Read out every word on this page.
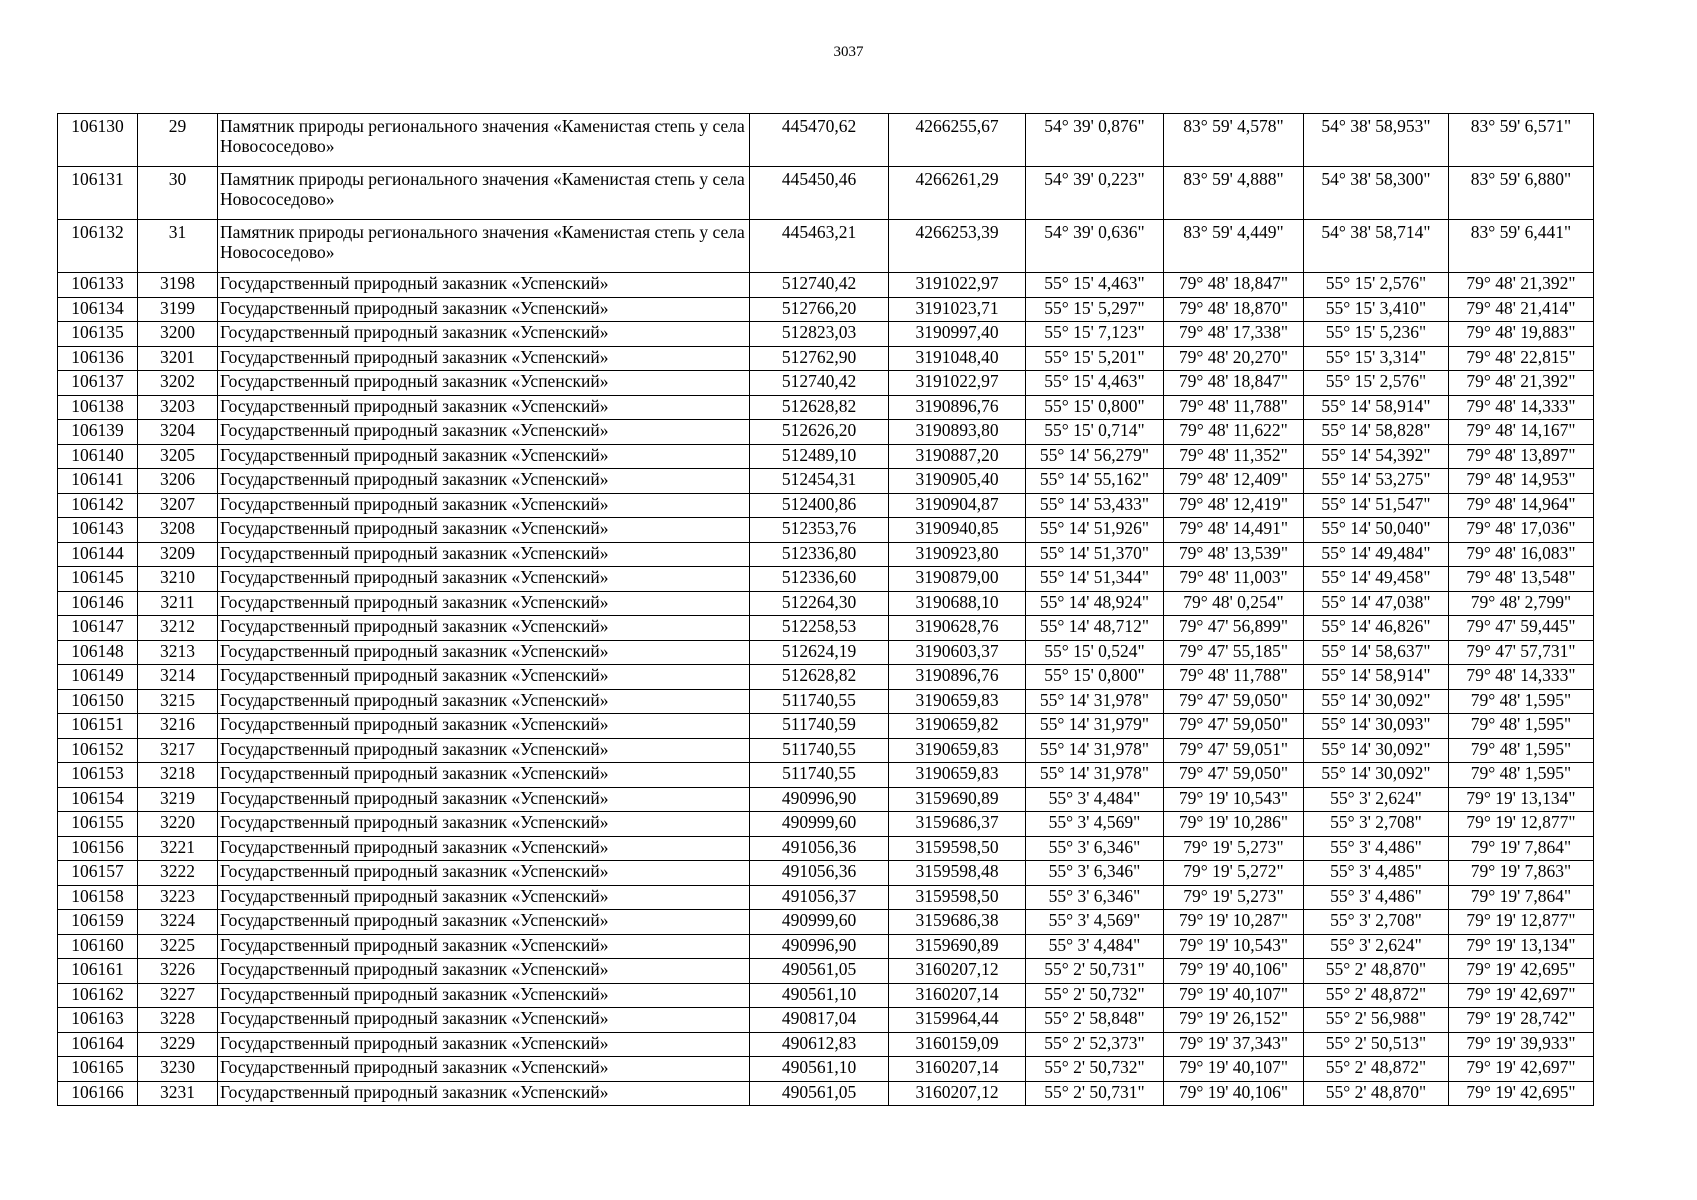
3037
106130	29	Памятник природы регионального значения «Каменистая степь у села Новососедово»	445470,62	4266255,67	54° 39' 0,876"	83° 59' 4,578"	54° 38' 58,953"	83° 59' 6,571"
106131	30	Памятник природы регионального значения «Каменистая степь у села Новососедово»	445450,46	4266261,29	54° 39' 0,223"	83° 59' 4,888"	54° 38' 58,300"	83° 59' 6,880"
106132	31	Памятник природы регионального значения «Каменистая степь у села Новососедово»	445463,21	4266253,39	54° 39' 0,636"	83° 59' 4,449"	54° 38' 58,714"	83° 59' 6,441"
106133	3198	Государственный природный заказник «Успенский»	512740,42	3191022,97	55° 15' 4,463"	79° 48' 18,847"	55° 15' 2,576"	79° 48' 21,392"
106134	3199	Государственный природный заказник «Успенский»	512766,20	3191023,71	55° 15' 5,297"	79° 48' 18,870"	55° 15' 3,410"	79° 48' 21,414"
106135	3200	Государственный природный заказник «Успенский»	512823,03	3190997,40	55° 15' 7,123"	79° 48' 17,338"	55° 15' 5,236"	79° 48' 19,883"
106136	3201	Государственный природный заказник «Успенский»	512762,90	3191048,40	55° 15' 5,201"	79° 48' 20,270"	55° 15' 3,314"	79° 48' 22,815"
106137	3202	Государственный природный заказник «Успенский»	512740,42	3191022,97	55° 15' 4,463"	79° 48' 18,847"	55° 15' 2,576"	79° 48' 21,392"
106138	3203	Государственный природный заказник «Успенский»	512628,82	3190896,76	55° 15' 0,800"	79° 48' 11,788"	55° 14' 58,914"	79° 48' 14,333"
106139	3204	Государственный природный заказник «Успенский»	512626,20	3190893,80	55° 15' 0,714"	79° 48' 11,622"	55° 14' 58,828"	79° 48' 14,167"
106140	3205	Государственный природный заказник «Успенский»	512489,10	3190887,20	55° 14' 56,279"	79° 48' 11,352"	55° 14' 54,392"	79° 48' 13,897"
106141	3206	Государственный природный заказник «Успенский»	512454,31	3190905,40	55° 14' 55,162"	79° 48' 12,409"	55° 14' 53,275"	79° 48' 14,953"
106142	3207	Государственный природный заказник «Успенский»	512400,86	3190904,87	55° 14' 53,433"	79° 48' 12,419"	55° 14' 51,547"	79° 48' 14,964"
106143	3208	Государственный природный заказник «Успенский»	512353,76	3190940,85	55° 14' 51,926"	79° 48' 14,491"	55° 14' 50,040"	79° 48' 17,036"
106144	3209	Государственный природный заказник «Успенский»	512336,80	3190923,80	55° 14' 51,370"	79° 48' 13,539"	55° 14' 49,484"	79° 48' 16,083"
106145	3210	Государственный природный заказник «Успенский»	512336,60	3190879,00	55° 14' 51,344"	79° 48' 11,003"	55° 14' 49,458"	79° 48' 13,548"
106146	3211	Государственный природный заказник «Успенский»	512264,30	3190688,10	55° 14' 48,924"	79° 48' 0,254"	55° 14' 47,038"	79° 48' 2,799"
106147	3212	Государственный природный заказник «Успенский»	512258,53	3190628,76	55° 14' 48,712"	79° 47' 56,899"	55° 14' 46,826"	79° 47' 59,445"
106148	3213	Государственный природный заказник «Успенский»	512624,19	3190603,37	55° 15' 0,524"	79° 47' 55,185"	55° 14' 58,637"	79° 47' 57,731"
106149	3214	Государственный природный заказник «Успенский»	512628,82	3190896,76	55° 15' 0,800"	79° 48' 11,788"	55° 14' 58,914"	79° 48' 14,333"
106150	3215	Государственный природный заказник «Успенский»	511740,55	3190659,83	55° 14' 31,978"	79° 47' 59,050"	55° 14' 30,092"	79° 48' 1,595"
106151	3216	Государственный природный заказник «Успенский»	511740,59	3190659,82	55° 14' 31,979"	79° 47' 59,050"	55° 14' 30,093"	79° 48' 1,595"
106152	3217	Государственный природный заказник «Успенский»	511740,55	3190659,83	55° 14' 31,978"	79° 47' 59,051"	55° 14' 30,092"	79° 48' 1,595"
106153	3218	Государственный природный заказник «Успенский»	511740,55	3190659,83	55° 14' 31,978"	79° 47' 59,050"	55° 14' 30,092"	79° 48' 1,595"
106154	3219	Государственный природный заказник «Успенский»	490996,90	3159690,89	55° 3' 4,484"	79° 19' 10,543"	55° 3' 2,624"	79° 19' 13,134"
106155	3220	Государственный природный заказник «Успенский»	490999,60	3159686,37	55° 3' 4,569"	79° 19' 10,286"	55° 3' 2,708"	79° 19' 12,877"
106156	3221	Государственный природный заказник «Успенский»	491056,36	3159598,50	55° 3' 6,346"	79° 19' 5,273"	55° 3' 4,486"	79° 19' 7,864"
106157	3222	Государственный природный заказник «Успенский»	491056,36	3159598,48	55° 3' 6,346"	79° 19' 5,272"	55° 3' 4,485"	79° 19' 7,863"
106158	3223	Государственный природный заказник «Успенский»	491056,37	3159598,50	55° 3' 6,346"	79° 19' 5,273"	55° 3' 4,486"	79° 19' 7,864"
106159	3224	Государственный природный заказник «Успенский»	490999,60	3159686,38	55° 3' 4,569"	79° 19' 10,287"	55° 3' 2,708"	79° 19' 12,877"
106160	3225	Государственный природный заказник «Успенский»	490996,90	3159690,89	55° 3' 4,484"	79° 19' 10,543"	55° 3' 2,624"	79° 19' 13,134"
106161	3226	Государственный природный заказник «Успенский»	490561,05	3160207,12	55° 2' 50,731"	79° 19' 40,106"	55° 2' 48,870"	79° 19' 42,695"
106162	3227	Государственный природный заказник «Успенский»	490561,10	3160207,14	55° 2' 50,732"	79° 19' 40,107"	55° 2' 48,872"	79° 19' 42,697"
106163	3228	Государственный природный заказник «Успенский»	490817,04	3159964,44	55° 2' 58,848"	79° 19' 26,152"	55° 2' 56,988"	79° 19' 28,742"
106164	3229	Государственный природный заказник «Успенский»	490612,83	3160159,09	55° 2' 52,373"	79° 19' 37,343"	55° 2' 50,513"	79° 19' 39,933"
106165	3230	Государственный природный заказник «Успенский»	490561,10	3160207,14	55° 2' 50,732"	79° 19' 40,107"	55° 2' 48,872"	79° 19' 42,697"
106166	3231	Государственный природный заказник «Успенский»	490561,05	3160207,12	55° 2' 50,731"	79° 19' 40,106"	55° 2' 48,870"	79° 19' 42,695"
